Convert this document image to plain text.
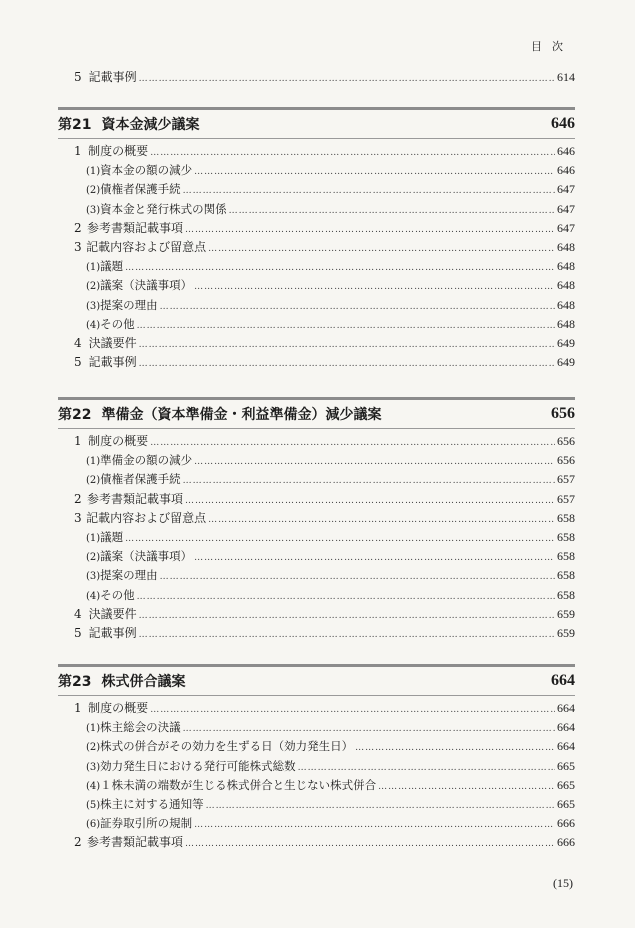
目次
5 記載事例 ……………………………………………………………………………………………………………………………………………………………………………………………………………………	614
第21 資本金減少議案	646
1 制度の概要 ……………………………………………………………………………………………………………………………………………………………………………………………………………………	646
(1) 資本金の額の減少 ……………………………………………………………………………………………………………………………………………………………………………………………………………………	646
(2) 債権者保護手続 ……………………………………………………………………………………………………………………………………………………………………………………………………………………	647
(3) 資本金と発行株式の関係 ……………………………………………………………………………………………………………………………………………………………………………………………………………………	647
2 参考書類記載事項 ……………………………………………………………………………………………………………………………………………………………………………………………………………………	647
3 記載内容および留意点 ……………………………………………………………………………………………………………………………………………………………………………………………………………………	648
(1) 議題 ……………………………………………………………………………………………………………………………………………………………………………………………………………………	648
(2) 議案（決議事項） ……………………………………………………………………………………………………………………………………………………………………………………………………………………	648
(3) 提案の理由 ……………………………………………………………………………………………………………………………………………………………………………………………………………………	648
(4) その他 ……………………………………………………………………………………………………………………………………………………………………………………………………………………	648
4 決議要件 ……………………………………………………………………………………………………………………………………………………………………………………………………………………	649
5 記載事例 ……………………………………………………………………………………………………………………………………………………………………………………………………………………	649
第22 準備金（資本準備金・利益準備金）減少議案	656
1 制度の概要 ……………………………………………………………………………………………………………………………………………………………………………………………………………………	656
(1) 準備金の額の減少 ……………………………………………………………………………………………………………………………………………………………………………………………………………………	656
(2) 債権者保護手続 ……………………………………………………………………………………………………………………………………………………………………………………………………………………	657
2 参考書類記載事項 ……………………………………………………………………………………………………………………………………………………………………………………………………………………	657
3 記載内容および留意点 ……………………………………………………………………………………………………………………………………………………………………………………………………………………	658
(1) 議題 ……………………………………………………………………………………………………………………………………………………………………………………………………………………	658
(2) 議案（決議事項） ……………………………………………………………………………………………………………………………………………………………………………………………………………………	658
(3) 提案の理由 ……………………………………………………………………………………………………………………………………………………………………………………………………………………	658
(4) その他 ……………………………………………………………………………………………………………………………………………………………………………………………………………………	658
4 決議要件 ……………………………………………………………………………………………………………………………………………………………………………………………………………………	659
5 記載事例 ……………………………………………………………………………………………………………………………………………………………………………………………………………………	659
第23 株式併合議案	664
1 制度の概要 ……………………………………………………………………………………………………………………………………………………………………………………………………………………	664
(1) 株主総会の決議 ……………………………………………………………………………………………………………………………………………………………………………………………………………………	664
(2) 株式の併合がその効力を生ずる日（効力発生日） ……………………………………………………………………………………………………………………………………………………………………………………………………………………	664
(3) 効力発生日における発行可能株式総数 ……………………………………………………………………………………………………………………………………………………………………………………………………………………	665
(4) １株未満の端数が生じる株式併合と生じない株式併合 ……………………………………………………………………………………………………………………………………………………………………………………………………………………	665
(5) 株主に対する通知等 ……………………………………………………………………………………………………………………………………………………………………………………………………………………	665
(6) 証券取引所の規制 ……………………………………………………………………………………………………………………………………………………………………………………………………………………	666
2 参考書類記載事項 ……………………………………………………………………………………………………………………………………………………………………………………………………………………	666
(15)
